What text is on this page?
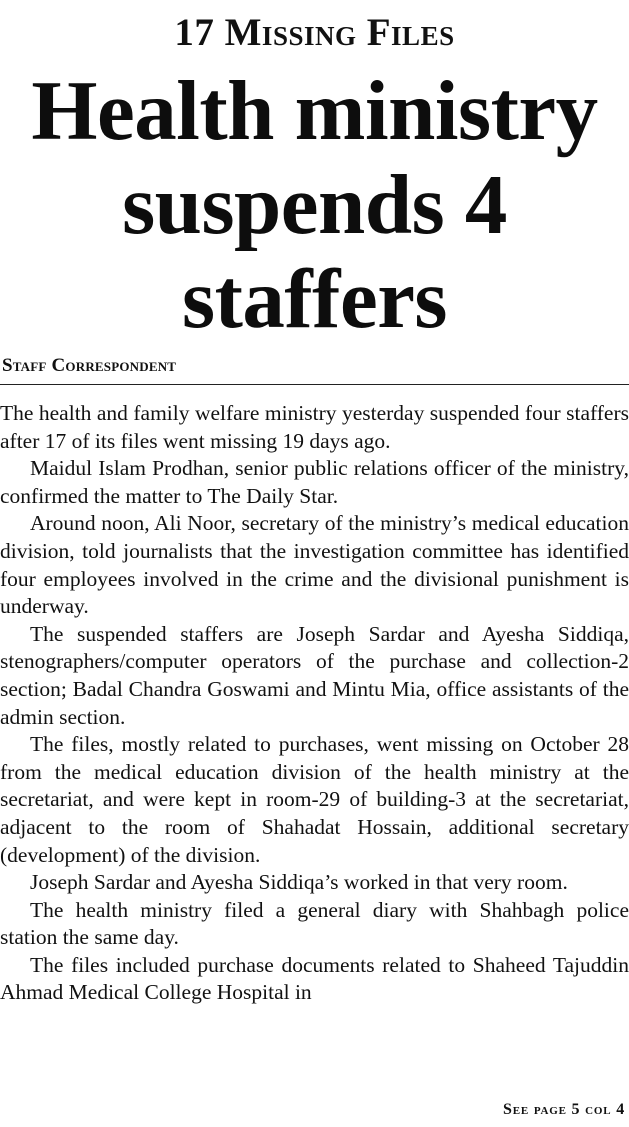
17 Missing Files
Health ministry suspends 4 staffers
Staff Correspondent

The health and family welfare ministry yesterday suspended four staffers after 17 of its files went missing 19 days ago.

Maidul Islam Prodhan, senior public relations officer of the ministry, confirmed the matter to The Daily Star.

Around noon, Ali Noor, secretary of the ministry’s medical education division, told journalists that the investigation committee has identified four employees involved in the crime and the divisional punishment is underway.

The suspended staffers are Joseph Sardar and Ayesha Siddiqa, stenographers/computer operators of the purchase and collection-2 section; Badal Chandra Goswami and Mintu Mia, office assistants of the admin section.

The files, mostly related to purchases, went missing on October 28 from the medical education division of the health ministry at the secretariat, and were kept in room-29 of building-3 at the secretariat, adjacent to the room of Shahadat Hossain, additional secretary (development) of the division.

Joseph Sardar and Ayesha Siddiqa’s worked in that very room.

The health ministry filed a general diary with Shahbagh police station the same day.

The files included purchase documents related to Shaheed Tajuddin Ahmad Medical College Hospital in

See page 5 col 4
